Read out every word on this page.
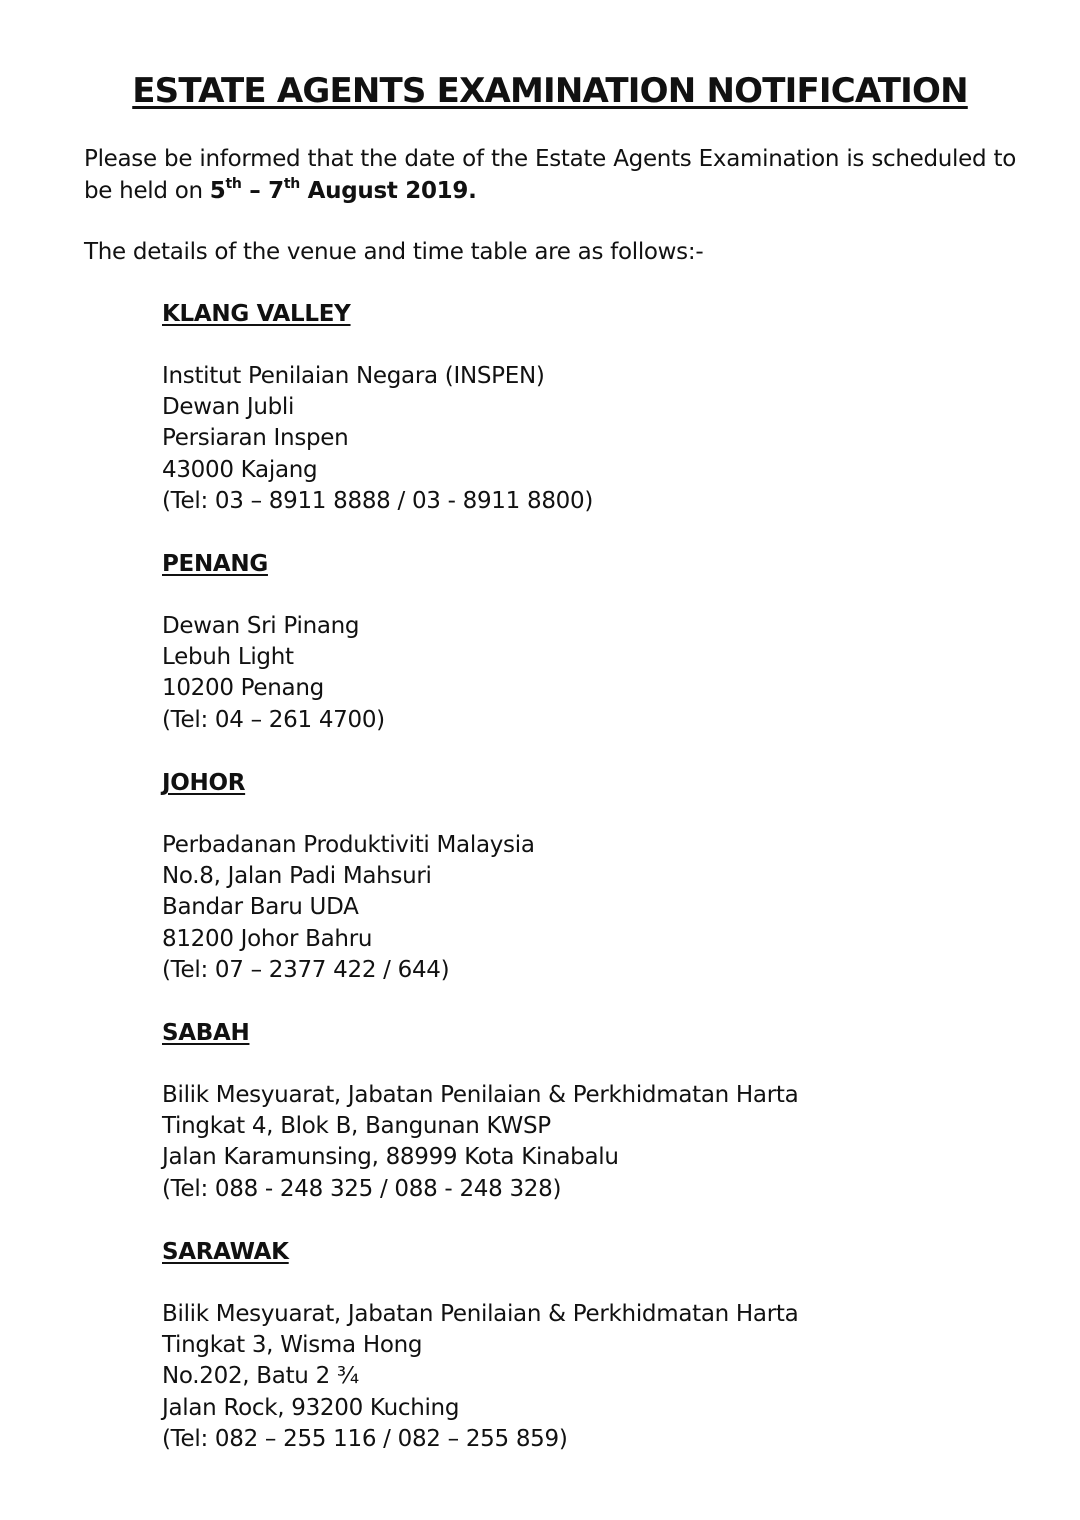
ESTATE AGENTS EXAMINATION NOTIFICATION

Please be informed that the date of the Estate Agents Examination is scheduled to be held on 5th – 7th August 2019.

The details of the venue and time table are as follows:-

KLANG VALLEY

Institut Penilaian Negara (INSPEN)

Dewan Jubli

Persiaran Inspen

43000 Kajang

(Tel: 03 – 8911 8888 / 03 - 8911 8800)

PENANG

Dewan Sri Pinang

Lebuh Light

10200 Penang

(Tel: 04 – 261 4700)

JOHOR

Perbadanan Produktiviti Malaysia

No.8, Jalan Padi Mahsuri

Bandar Baru UDA

81200 Johor Bahru

(Tel: 07 – 2377 422 / 644)

SABAH

Bilik Mesyuarat, Jabatan Penilaian & Perkhidmatan Harta

Tingkat 4, Blok B, Bangunan KWSP

Jalan Karamunsing, 88999 Kota Kinabalu

(Tel: 088 - 248 325 / 088 - 248 328)

SARAWAK

Bilik Mesyuarat, Jabatan Penilaian & Perkhidmatan Harta

Tingkat 3, Wisma Hong

No.202, Batu 2 ¾

Jalan Rock, 93200 Kuching

(Tel: 082 – 255 116 / 082 – 255 859)
